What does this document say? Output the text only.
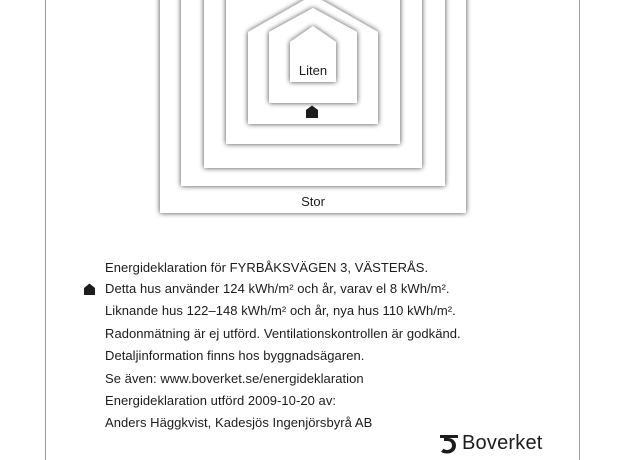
Liten
Stor
Energideklaration för FYRBÅKSVÄGEN 3, VÄSTERÅS.
Detta hus använder 124 kWh/m² och år, varav el 8 kWh/m².
Liknande hus 122–148 kWh/m² och år, nya hus 110 kWh/m².
Radonmätning är ej utförd. Ventilationskontrollen är godkänd.
Detaljinformation finns hos byggnadsägaren.
Se även: www.boverket.se/energideklaration
Energideklaration utförd 2009-10-20 av:
Anders Häggkvist, Kadesjös Ingenjörsbyrå AB
Boverket
